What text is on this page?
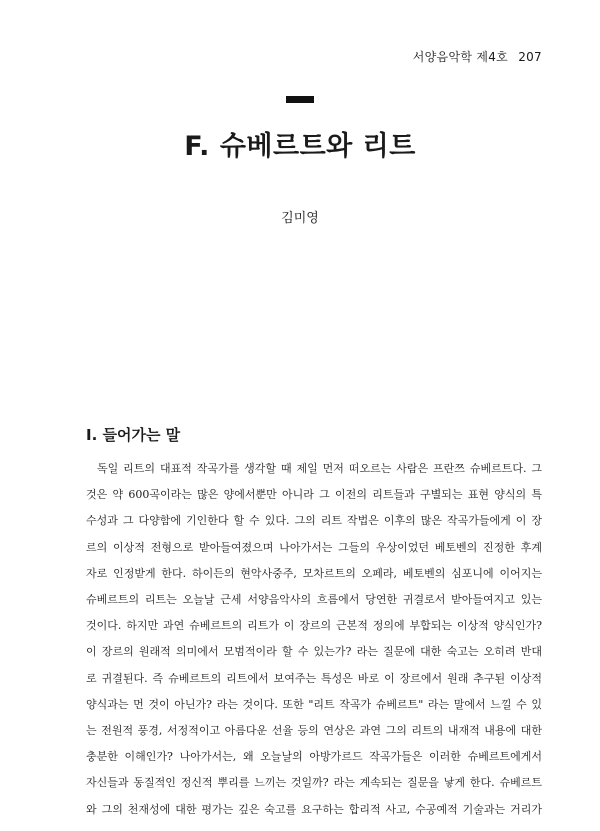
서양음악학 제4호 207
F. 슈베르트와 리트
김미영
I. 들어가는 말
독일 리트의 대표적 작곡가를 생각할 때 제일 먼저 떠오르는 사람은 프란쯔 슈베르트다. 그
것은 약 600곡이라는 많은 양에서뿐만 아니라 그 이전의 리트들과 구별되는 표현 양식의 특
수성과 그 다양함에 기인한다 할 수 있다. 그의 리트 작법은 이후의 많은 작곡가들에게 이 장
르의 이상적 전형으로 받아들여졌으며 나아가서는 그들의 우상이었던 베토벤의 진정한 후계
자로 인정받게 한다. 하이든의 현악사중주, 모차르트의 오페라, 베토벤의 심포니에 이어지는
슈베르트의 리트는 오늘날 근세 서양음악사의 흐름에서 당연한 귀결로서 받아들여지고 있는
것이다. 하지만 과연 슈베르트의 리트가 이 장르의 근본적 정의에 부합되는 이상적 양식인가?
이 장르의 원래적 의미에서 모범적이라 할 수 있는가? 라는 질문에 대한 숙고는 오히려 반대
로 귀결된다. 즉 슈베르트의 리트에서 보여주는 특성은 바로 이 장르에서 원래 추구된 이상적
양식과는 먼 것이 아닌가? 라는 것이다. 또한 "리트 작곡가 슈베르트" 라는 말에서 느낄 수 있
는 전원적 풍경, 서정적이고 아름다운 선율 등의 연상은 과연 그의 리트의 내재적 내용에 대한
충분한 이해인가? 나아가서는, 왜 오늘날의 아방가르드 작곡가들은 이러한 슈베르트에게서
자신들과 동질적인 정신적 뿌리를 느끼는 것일까? 라는 계속되는 질문을 낳게 한다. 슈베르트
와 그의 천재성에 대한 평가는 깊은 숙고를 요구하는 합리적 사고, 수공예적 기술과는 거리가
